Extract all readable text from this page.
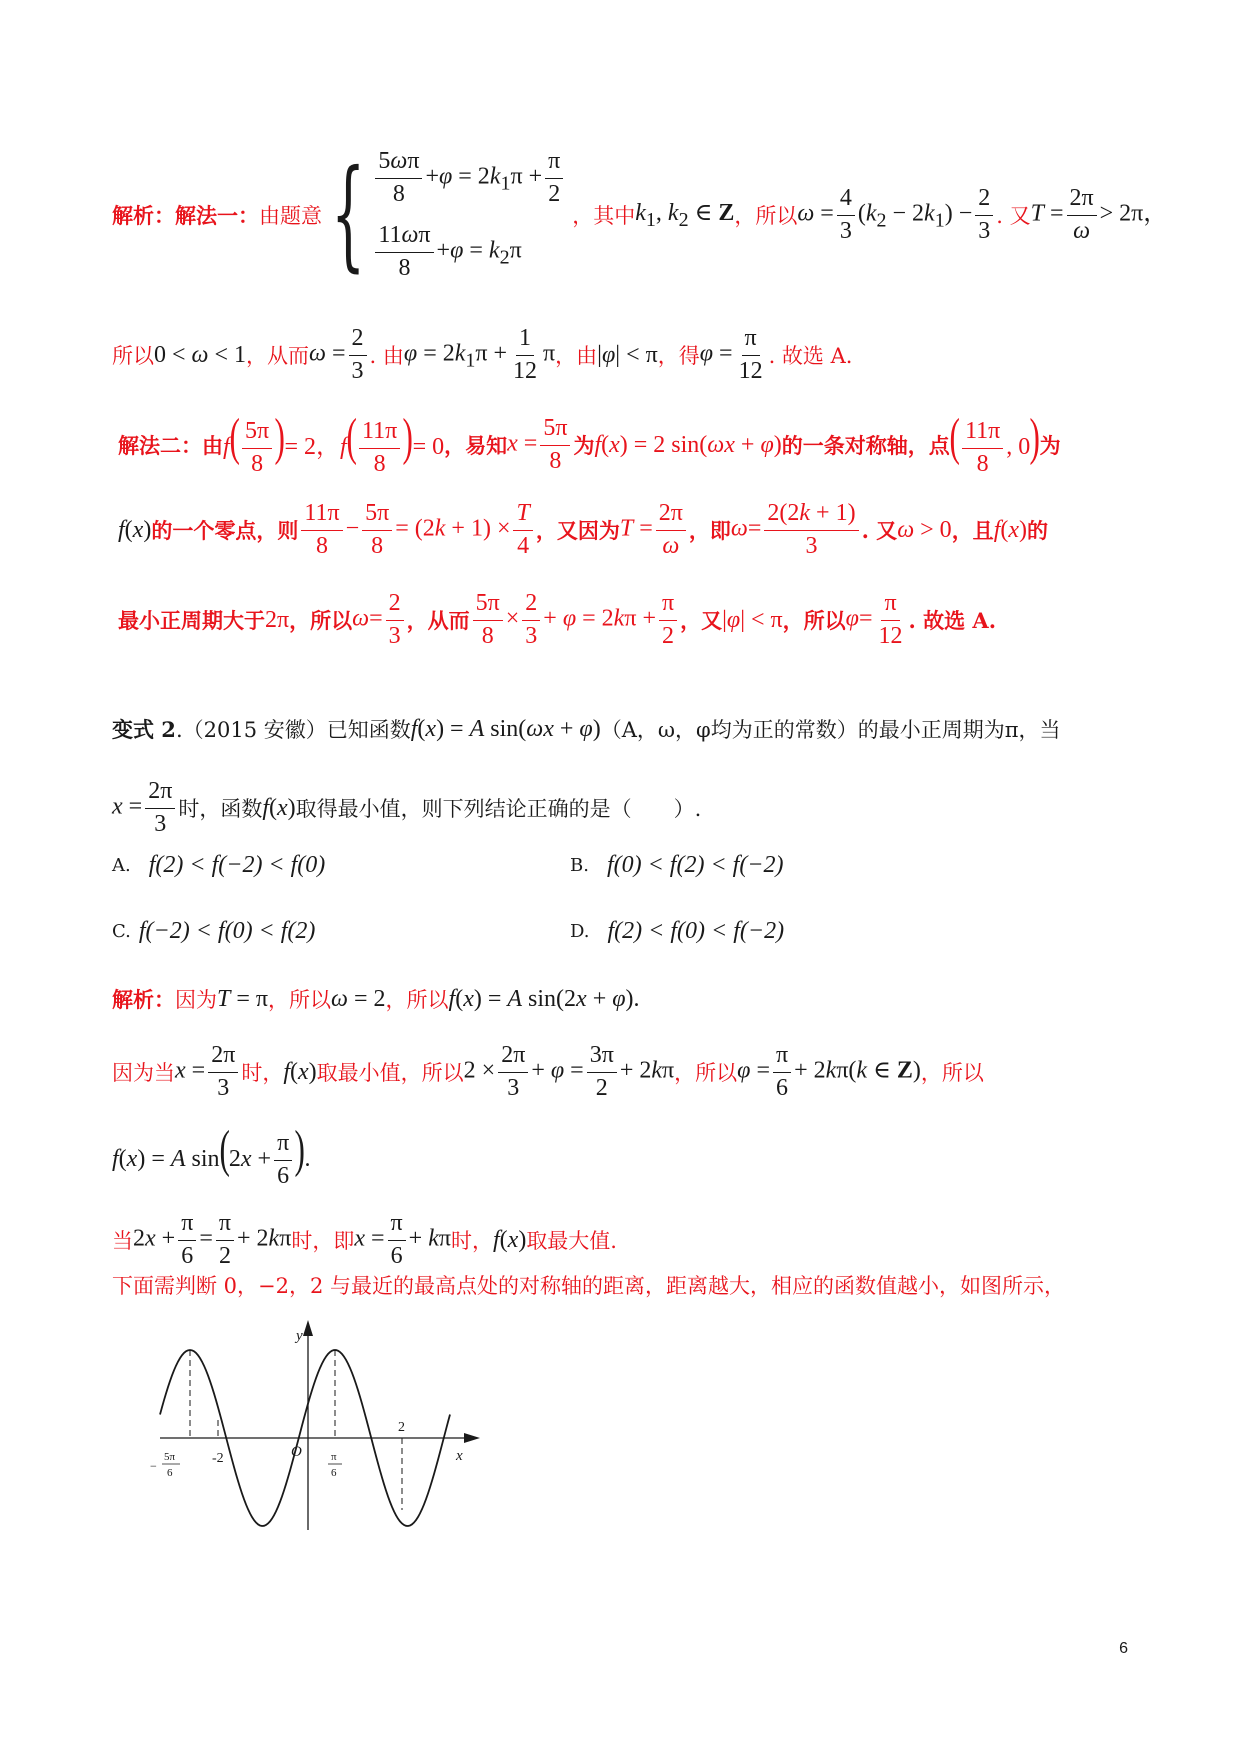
解析：解法一： 由题意 { $\frac{5\omega\pi}{8} +\varphi = 2k_1\pi + \frac{\pi}{2}$
$\frac{11\omega\pi}{8} +\varphi = k_2\pi$
，其中 $k_1$, $k_2$ ∈ Z ，所以 $\omega = \frac{4}{3} (k_2 - 2k_1) - \frac{2}{3}$ . 又 $T = \frac{2\pi}{\omega} > 2\pi$，
所以 0 < ω < 1 ，从而 $\omega = \frac{2}{3}$ . 由 $\varphi = 2k_1\pi + \frac{1}{12}$ π ，由 |φ| < π ，得 $\varphi = \frac{\pi}{12}$ . 故选 A.
解法二： 由 $f( \frac{5\pi}{8}$ )= 2，$f( \frac{11\pi}{8}$ )= 0 ，易知 $x = \frac{5\pi}{8}$ 为 f(x) = 2 sin(ωx + φ) 的一条对称轴，点 ( $\frac{11\pi}{8}$ , 0) 为
f(x) 的一个零点，则 $\frac{11\pi}{8} - \frac{5\pi}{8} = (2k + 1) \times \frac{T}{4}$ ，又因为 $T = \frac{2\pi}{\omega}$ ，即 $\omega= \frac{2(2k + 1)}{3}$ . 又 ω > 0 ，且 f(x) 的
最小正周期大于 2π ，所以 $\omega= \frac{2}{3}$ ，从而 $\frac{5\pi}{8} \times \frac{2}{3} + \varphi = 2k\pi + \frac{\pi}{2}$ ，又 |φ| < π ，所以 $\varphi= \frac{\pi}{12}$ . 故选 A.
变式 2 .（2015 安徽）已知函数 f(x) = A sin(ωx + φ) （A，ω，φ均为正的常数）的最小正周期为π，当
$x = \frac{2\pi}{3}$ 时，函数 f(x) 取得最小值，则下列结论正确的是（　　）.
A. f(2) < f(−2) < f(0)	B. f(0) < f(2) < f(−2)
C. f(−2) < f(0) < f(2)	D. f(2) < f(0) < f(−2)
解析： 因为 T = π ，所以 ω = 2 ，所以 f(x) = A sin(2x + φ).
因为当 $x = \frac{2\pi}{3}$ 时， f(x) 取最小值，所以 $2 \times \frac{2\pi}{3} + \varphi = \frac{3\pi}{2} + 2k\pi$ ，所以 $\varphi = \frac{\pi}{6} + 2k\pi(k$ ∈ Z) ，所以
f(x) = A $\sin(2x + \frac{\pi}{6}$ ).
当 $2x + \frac{\pi}{6} = \frac{\pi}{2} + 2k\pi$ 时，即 $x = \frac{\pi}{6} + k\pi$ 时， f(x) 取最大值.
下面需判断 0，−2，2 与最近的最高点处的对称轴的距离，距离越大，相应的函数值越小，如图所示，
y
x
O
-2
2
−
5π
6
π
6
6
